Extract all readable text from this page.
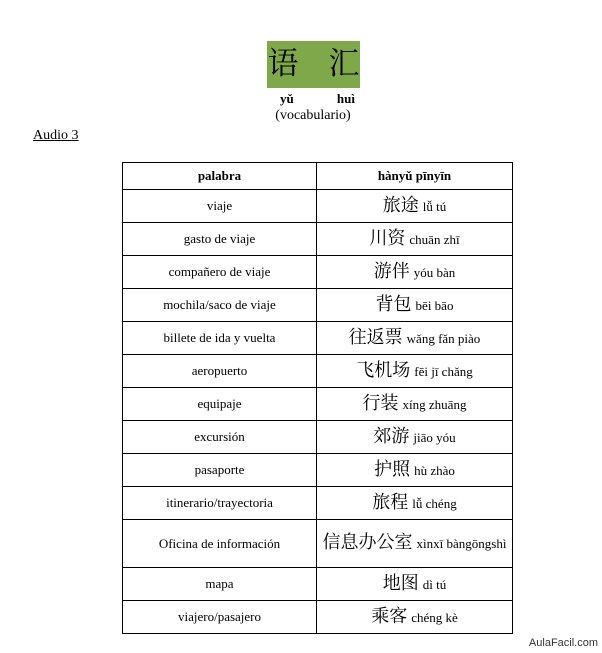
语 汇
yǔ	huì
(vocabulario)
Audio 3
palabra	hànyǔ pīnyīn
viaje	旅途 lǚ tú
gasto de viaje	川资 chuān zhī
compañero de viaje	游伴 yóu bàn
mochila/saco de viaje	背包 bēi bāo
billete de ida y vuelta	往返票 wǎng fǎn piào
aeropuerto	飞机场 fēi jī chǎng
equipaje	行装 xíng zhuāng
excursión	郊游 jiāo yóu
pasaporte	护照 hù zhào
itinerario/trayectoria	旅程 lǚ chéng
Oficina de información	信息办公室 xìnxī bàngōngshì
mapa	地图 dì tú
viajero/pasajero	乘客 chéng kè
AulaFacil.com
